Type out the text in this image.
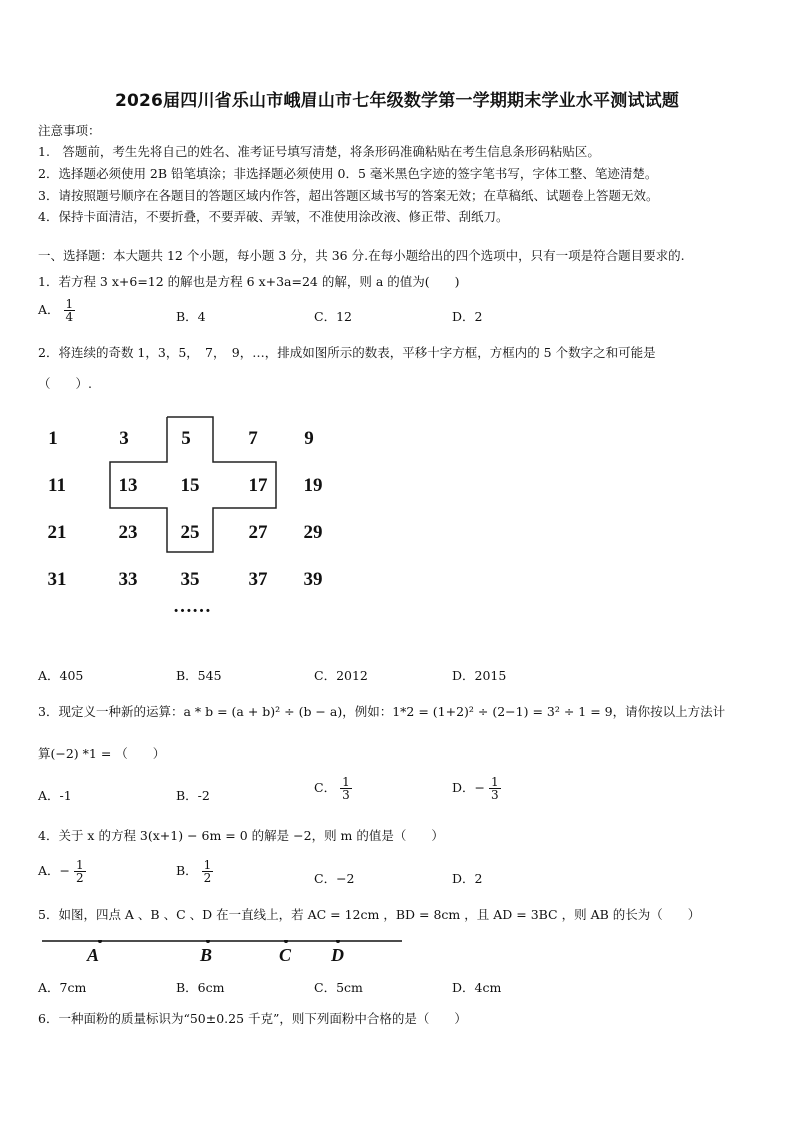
2026届四川省乐山市峨眉山市七年级数学第一学期期末学业水平测试试题
注意事项：
1.　答题前，考生先将自己的姓名、准考证号填写清楚，将条形码准确粘贴在考生信息条形码粘贴区。
2．选择题必须使用 2B 铅笔填涂；非选择题必须使用 0．5 毫米黑色字迹的签字笔书写，字体工整、笔迹清楚。
3．请按照题号顺序在各题目的答题区域内作答，超出答题区域书写的答案无效；在草稿纸、试题卷上答题无效。
4．保持卡面清洁，不要折叠，不要弄破、弄皱，不准使用涂改液、修正带、刮纸刀。
一、选择题：本大题共 12 个小题，每小题 3 分，共 36 分.在每小题给出的四个选项中，只有一项是符合题目要求的.
1．若方程 3 x+6=12 的解也是方程 6 x+3a=24 的解，则 a 的值为(　　)
A． $\frac{1}{4}$	B．4	C．12	D．2
2．将连续的奇数 1，3，5，　7，　9，…，排成如图所示的数表，平移十字方框，方框内的 5 个数字之和可能是
（　　）.
1	3	5	7	9
11	13	15	17	19
21	23	25	27	29
31	33	35	37	39
……
A．405	B．545	C．2012	D．2015
3．现定义一种新的运算：a * b = (a + b)² ÷ (b − a)，例如：1*2 = (1+2)² ÷ (2−1) = 3² ÷ 1 = 9，请你按以上方法计
算(−2) *1 = （　　）
A．-1	B．-2
C． $\frac{1}{3}$	D．− $\frac{1}{3}$
4．关于 x 的方程 3(x+1) − 6m = 0 的解是 −2，则 m 的值是（　　）
A．− $\frac{1}{2}$	B． $\frac{1}{2}$	C．−2	D．2
5．如图，四点 A 、B 、C 、D 在一直线上，若 AC = 12cm ，BD = 8cm ，且 AD = 3BC ，则 AB 的长为（　　）
A	B	C D
A．7cm	B．6cm	C．5cm	D．4cm
6．一种面粉的质量标识为“50±0.25 千克”，则下列面粉中合格的是（　　）
